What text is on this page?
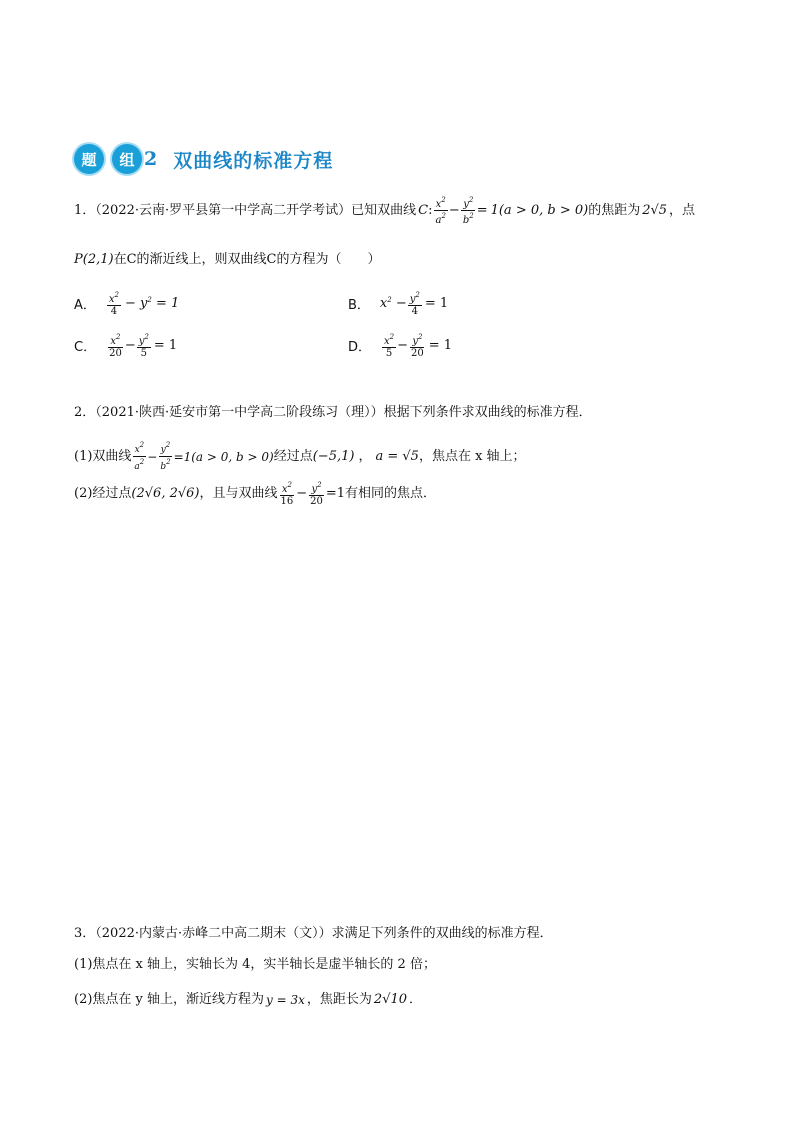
题	组 2 双曲线的标准方程
1．（2022·云南·罗平县第一中学高二开学考试）已知双曲线 C : $\frac{x^2}{a^2} - \frac{y^2}{b^2} = 1(a > 0$, b > 0) 的焦距为 2√5 ，点
P(2,1) 在C的渐近线上，则双曲线C的方程为（　　）
A． $\frac{x^2}{4} - y^2 = 1$	B． $x^2 - \frac{y^2}{4} = 1$
C． $\frac{x^2}{20} - \frac{y^2}{5} = 1$	D． $\frac{x^2}{5} - \frac{y^2}{20} = 1$
2．（2021·陕西·延安市第一中学高二阶段练习（理））根据下列条件求双曲线的标准方程．
(1)双曲线 $\frac{x^2}{a^2} - \frac{y^2}{b^2} =1(a > 0$, b > 0) 经过点 (−5,1) ， a = √5 ，焦点在 x 轴上；
(2)经过点 (2√6, 2√6) ，且与双曲线 $\frac{x^2}{16} - \frac{y^2}{20} =1$有相同的焦点．
3．（2022·内蒙古·赤峰二中高二期末（文））求满足下列条件的双曲线的标准方程．
(1)焦点在 x 轴上，实轴长为 4，实半轴长是虚半轴长的 2 倍；
(2)焦点在 y 轴上，渐近线方程为 y = 3x ，焦距长为 2√10 ．
